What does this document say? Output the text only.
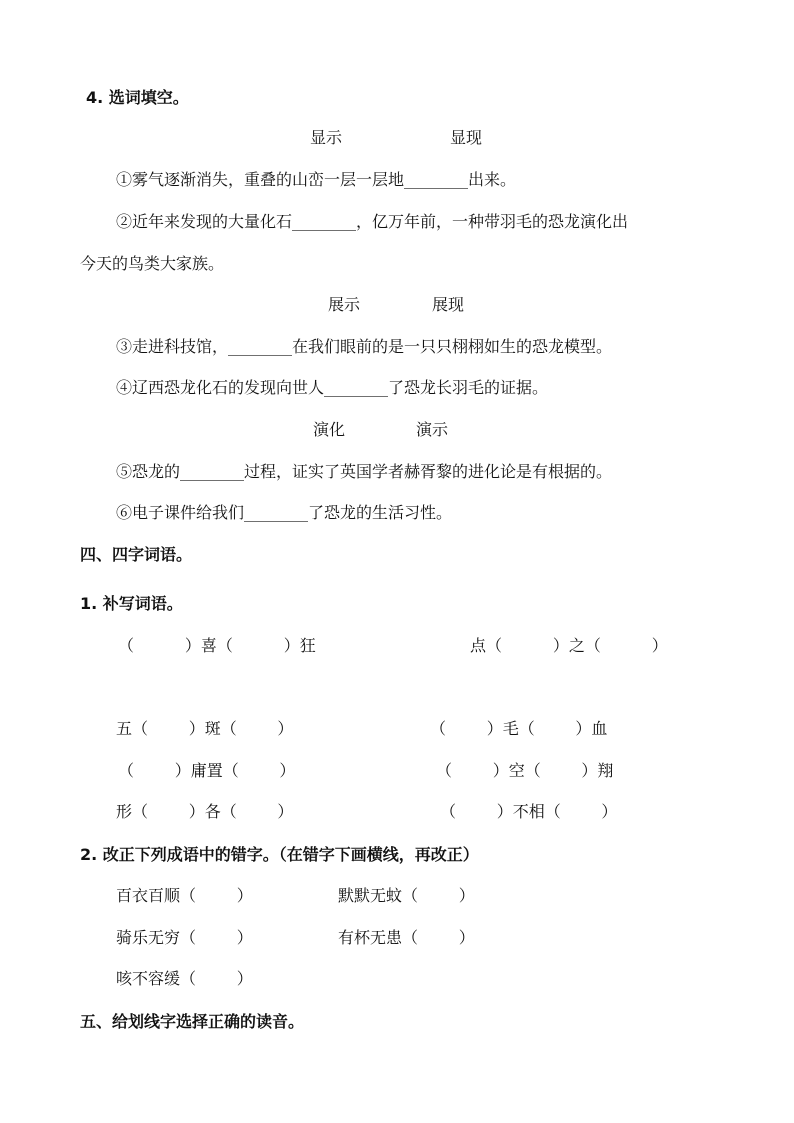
4. 选词填空。
显示	显现
①雾气逐渐消失，重叠的山峦一层一层地________出来。
②近年来发现的大量化石________，亿万年前，一种带羽毛的恐龙演化出
今天的鸟类大家族。
展示	展现
③走进科技馆，________在我们眼前的是一只只栩栩如生的恐龙模型。
④辽西恐龙化石的发现向世人________了恐龙长羽毛的证据。
演化	演示
⑤恐龙的________过程，证实了英国学者赫胥黎的进化论是有根据的。
⑥电子课件给我们________了恐龙的生活习性。
四、四字词语。
1. 补写词语。
（          ）喜（          ）狂	点（          ）之（          ）
五（        ）斑（        ）	（        ）毛（        ）血
（        ）庸置（        ）	（        ）空（        ）翔
形（        ）各（        ）	（        ）不相（        ）
2. 改正下列成语中的错字。（在错字下画横线，再改正）
百衣百顺（        ）	默默无蚊（        ）
骑乐无穷（        ）	有杯无患（        ）
咳不容缓（        ）
五、给划线字选择正确的读音。
